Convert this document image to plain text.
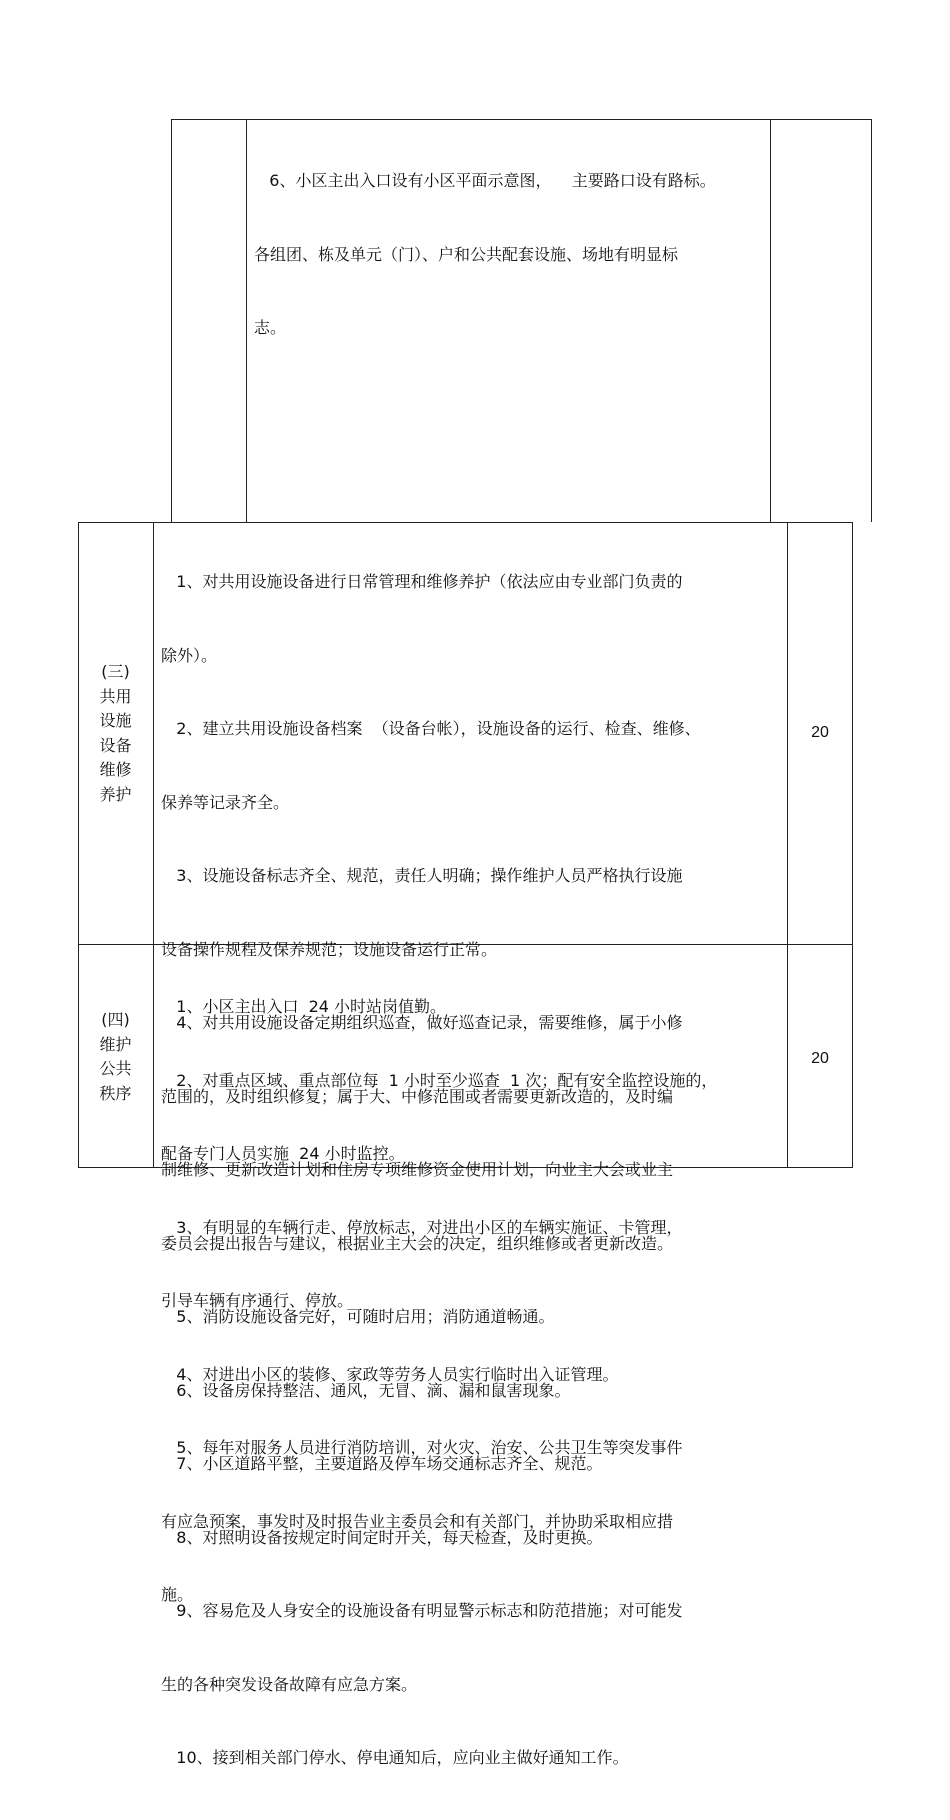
6、小区主出入口设有小区平面示意图，    主要路口设有路标。

各组团、栋及单元（门）、户和公共配套设施、场地有明显标

志。

(三)
共用
设施
设备
维修
养护

1、对共用设施设备进行日常管理和维修养护（依法应由专业部门负责的

除外）。

2、建立共用设施设备档案  （设备台帐），设施设备的运行、检查、维修、

保养等记录齐全。

3、设施设备标志齐全、规范，责任人明确；操作维护人员严格执行设施

设备操作规程及保养规范；设施设备运行正常。

4、对共用设施设备定期组织巡查，做好巡查记录，需要维修，属于小修

范围的，及时组织修复；属于大、中修范围或者需要更新改造的，及时编

制维修、更新改造计划和住房专项维修资金使用计划，向业主大会或业主

委员会提出报告与建议，根据业主大会的决定，组织维修或者更新改造。

5、消防设施设备完好，可随时启用；消防通道畅通。

6、设备房保持整洁、通风，无冒、滴、漏和鼠害现象。

7、小区道路平整，主要道路及停车场交通标志齐全、规范。

8、对照明设备按规定时间定时开关，每天检查，及时更换。

9、容易危及人身安全的设施设备有明显警示标志和防范措施；对可能发

生的各种突发设备故障有应急方案。

10、接到相关部门停水、停电通知后，应向业主做好通知工作。

20
(四)
维护
公共
秩序

1、小区主出入口  24 小时站岗值勤。

2、对重点区域、重点部位每  1 小时至少巡查  1 次；配有安全监控设施的，

配备专门人员实施  24 小时监控。

3、有明显的车辆行走、停放标志，对进出小区的车辆实施证、卡管理，

引导车辆有序通行、停放。

4、对进出小区的装修、家政等劳务人员实行临时出入证管理。

5、每年对服务人员进行消防培训，对火灾、治安、公共卫生等突发事件

有应急预案，事发时及时报告业主委员会和有关部门，并协助采取相应措

施。

20
